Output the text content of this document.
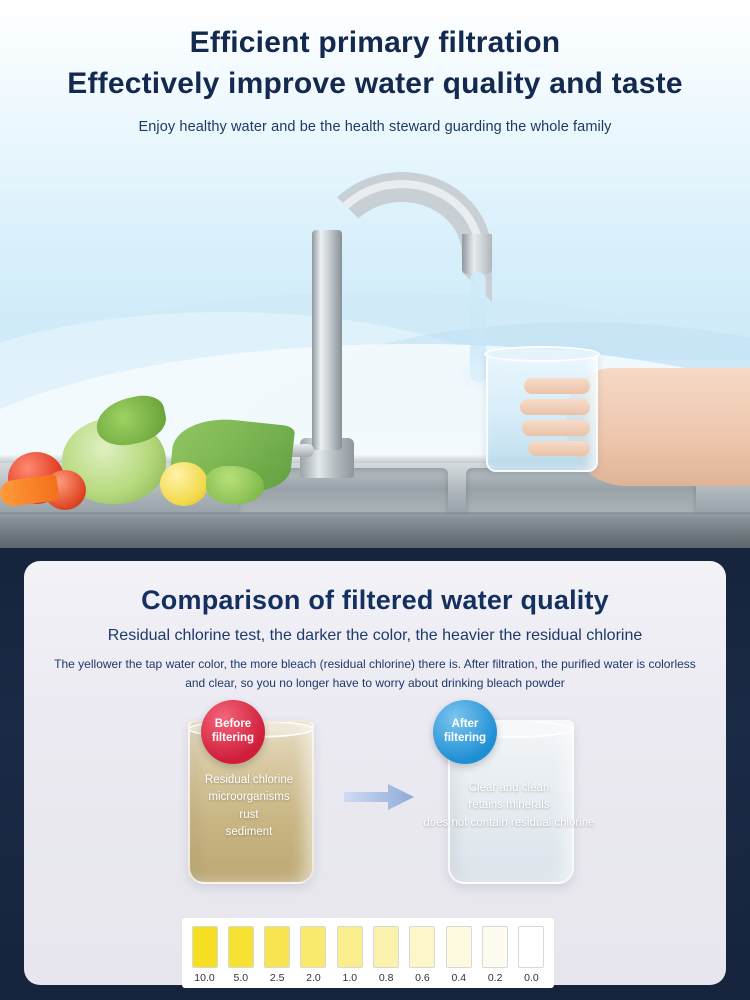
Efficient primary filtration
Effectively improve water quality and taste
Enjoy healthy water and be the health steward guarding the whole family
Comparison of filtered water quality
Residual chlorine test, the darker the color, the heavier the residual chlorine
The yellower the tap water color, the more bleach (residual chlorine) there is. After filtration, the purified water is colorless and clear, so you no longer have to worry about drinking bleach powder
Residual chlorine
microorganisms
rust
sediment
Before
filtering
Clear and clean
retains minerals
does not contain residual chlorine
After
filtering
10.0	5.0	2.5	2.0	1.0	0.8	0.6	0.4	0.2	0.0
